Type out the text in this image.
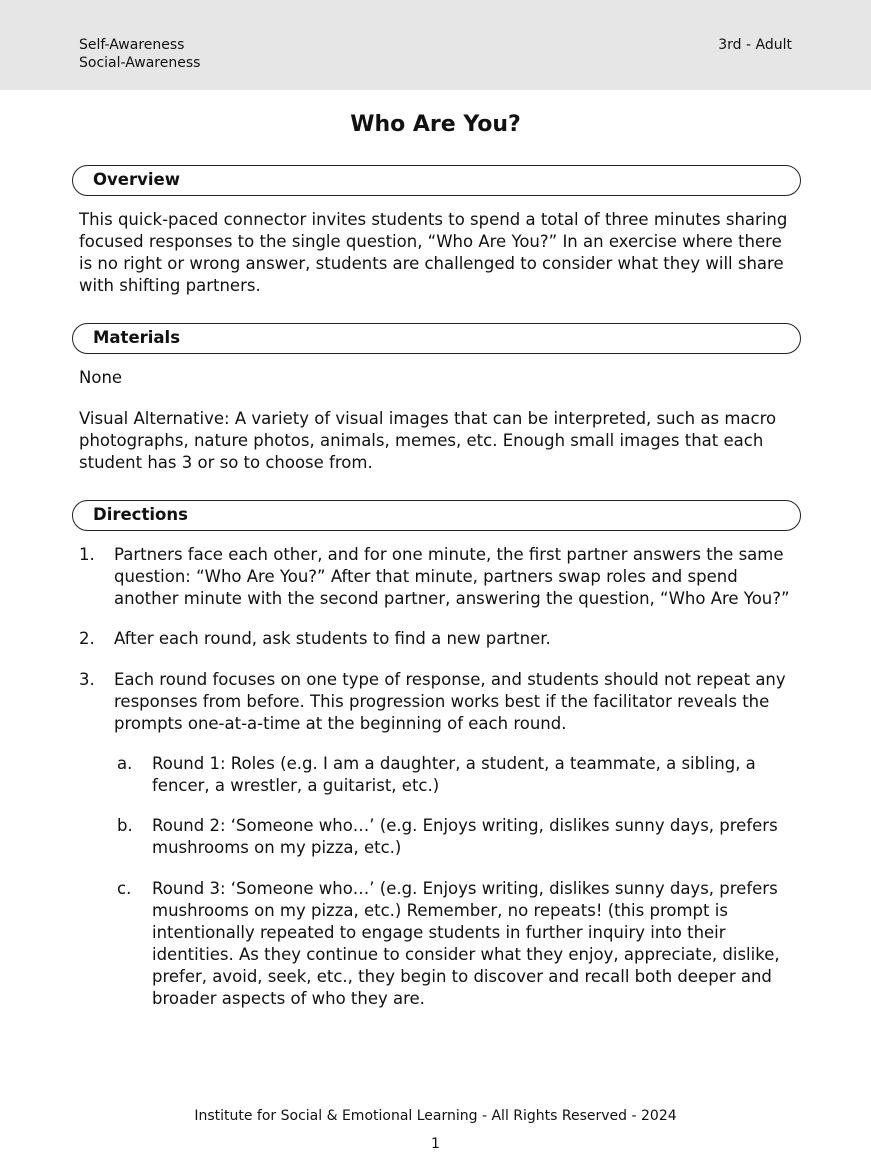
Self-Awareness
Social-Awareness
3rd - Adult
Who Are You?
Overview

This quick-paced connector invites students to spend a total of three minutes sharing focused responses to the single question, “Who Are You?” In an exercise where there is no right or wrong answer, students are challenged to consider what they will share with shifting partners.

Materials

None

Visual Alternative: A variety of visual images that can be interpreted, such as macro photographs, nature photos, animals, memes, etc. Enough small images that each student has 3 or so to choose from.

Directions
1. Partners face each other, and for one minute, the first partner answers the same question: “Who Are You?” After that minute, partners swap roles and spend another minute with the second partner, answering the question, “Who Are You?”
2. After each round, ask students to find a new partner.
3. Each round focuses on one type of response, and students should not repeat any responses from before. This progression works best if the facilitator reveals the prompts one-at-a-time at the beginning of each round.
a. Round 1: Roles (e.g. I am a daughter, a student, a teammate, a sibling, a fencer, a wrestler, a guitarist, etc.)
b. Round 2: ‘Someone who…’ (e.g. Enjoys writing, dislikes sunny days, prefers mushrooms on my pizza, etc.)
c. Round 3: ‘Someone who…’ (e.g. Enjoys writing, dislikes sunny days, prefers mushrooms on my pizza, etc.) Remember, no repeats! (this prompt is intentionally repeated to engage students in further inquiry into their identities. As they continue to consider what they enjoy, appreciate, dislike, prefer, avoid, seek, etc., they begin to discover and recall both deeper and broader aspects of who they are.
Institute for Social & Emotional Learning - All Rights Reserved - 2024
1
